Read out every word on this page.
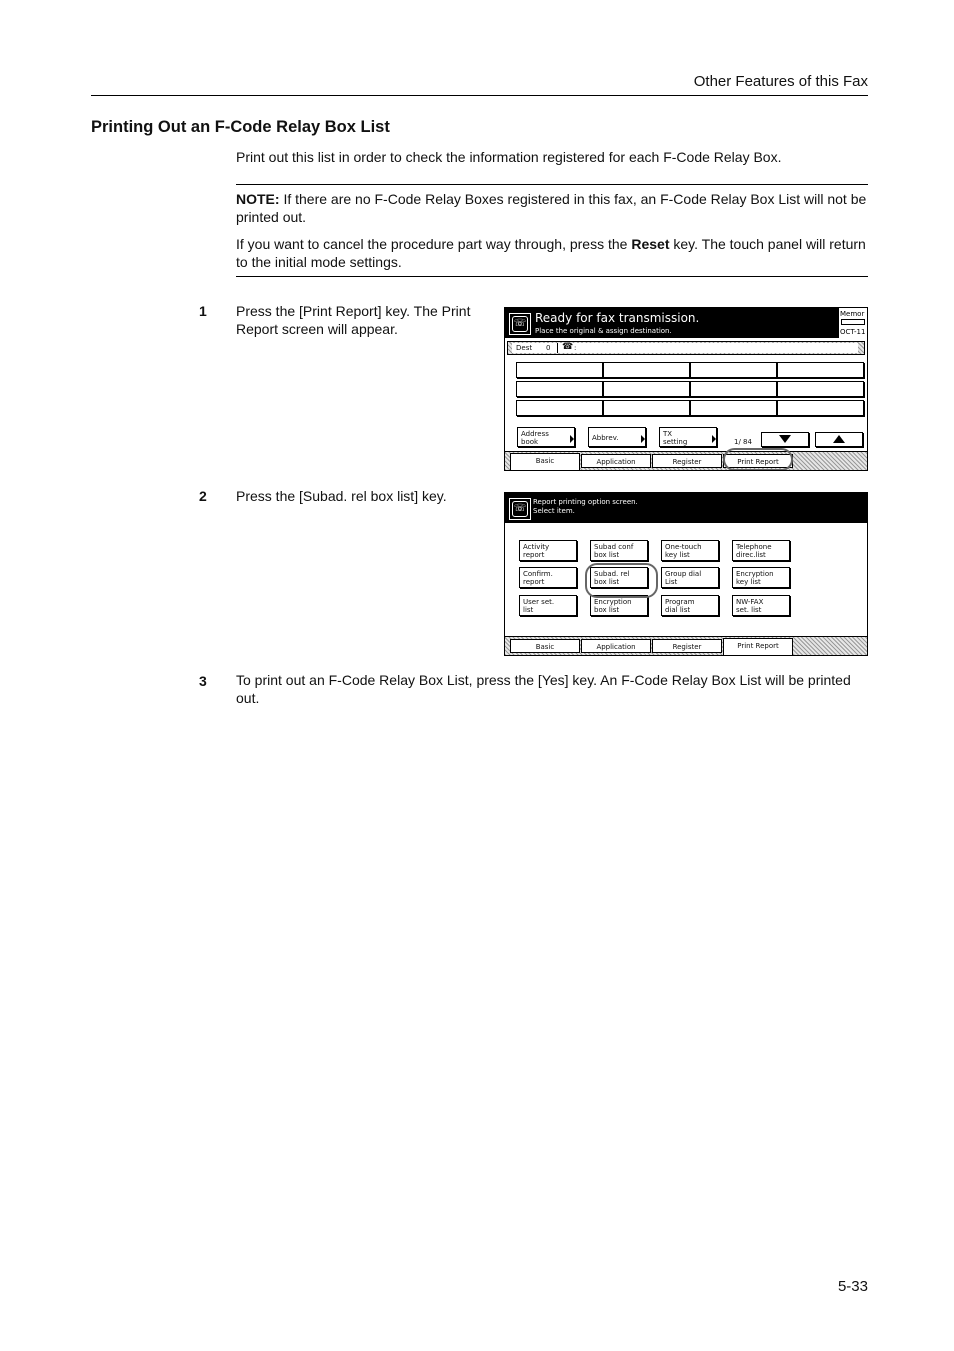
Other Features of this Fax
Printing Out an F-Code Relay Box List
Print out this list in order to check the information registered for each F-Code Relay Box.

NOTE: If there are no F-Code Relay Boxes registered in this fax, an F-Code Relay Box List will not be printed out.

If you want to cancel the procedure part way through, press the Reset key. The touch panel will return to the initial mode settings.

1 Press the [Print Report] key. The Print Report screen will appear.	☏ Ready for fax transmission.
Place the original & assign destination.
Memor
OCT-11
Dest 0 ☎ :
Address
book	Abbrev.	TX
setting	1/ 84
Basic	Application	Register	Print Report
2 Press the [Subad. rel box list] key.
☏
Report printing option screen.
Select item.
Activity
report
Subad conf
box list
One-touch
key list
Telephone
direc.list
Confirm.
report
Subad. rel
box list
Group dial
List
Encryption
key list
User set.
list
Encryption
box list
Program
dial list
NW-FAX
set. list
Basic	Application	Register	Print Report
3 To print out an F-Code Relay Box List, press the [Yes] key. An F-Code Relay Box List will be printed out.
5-33
